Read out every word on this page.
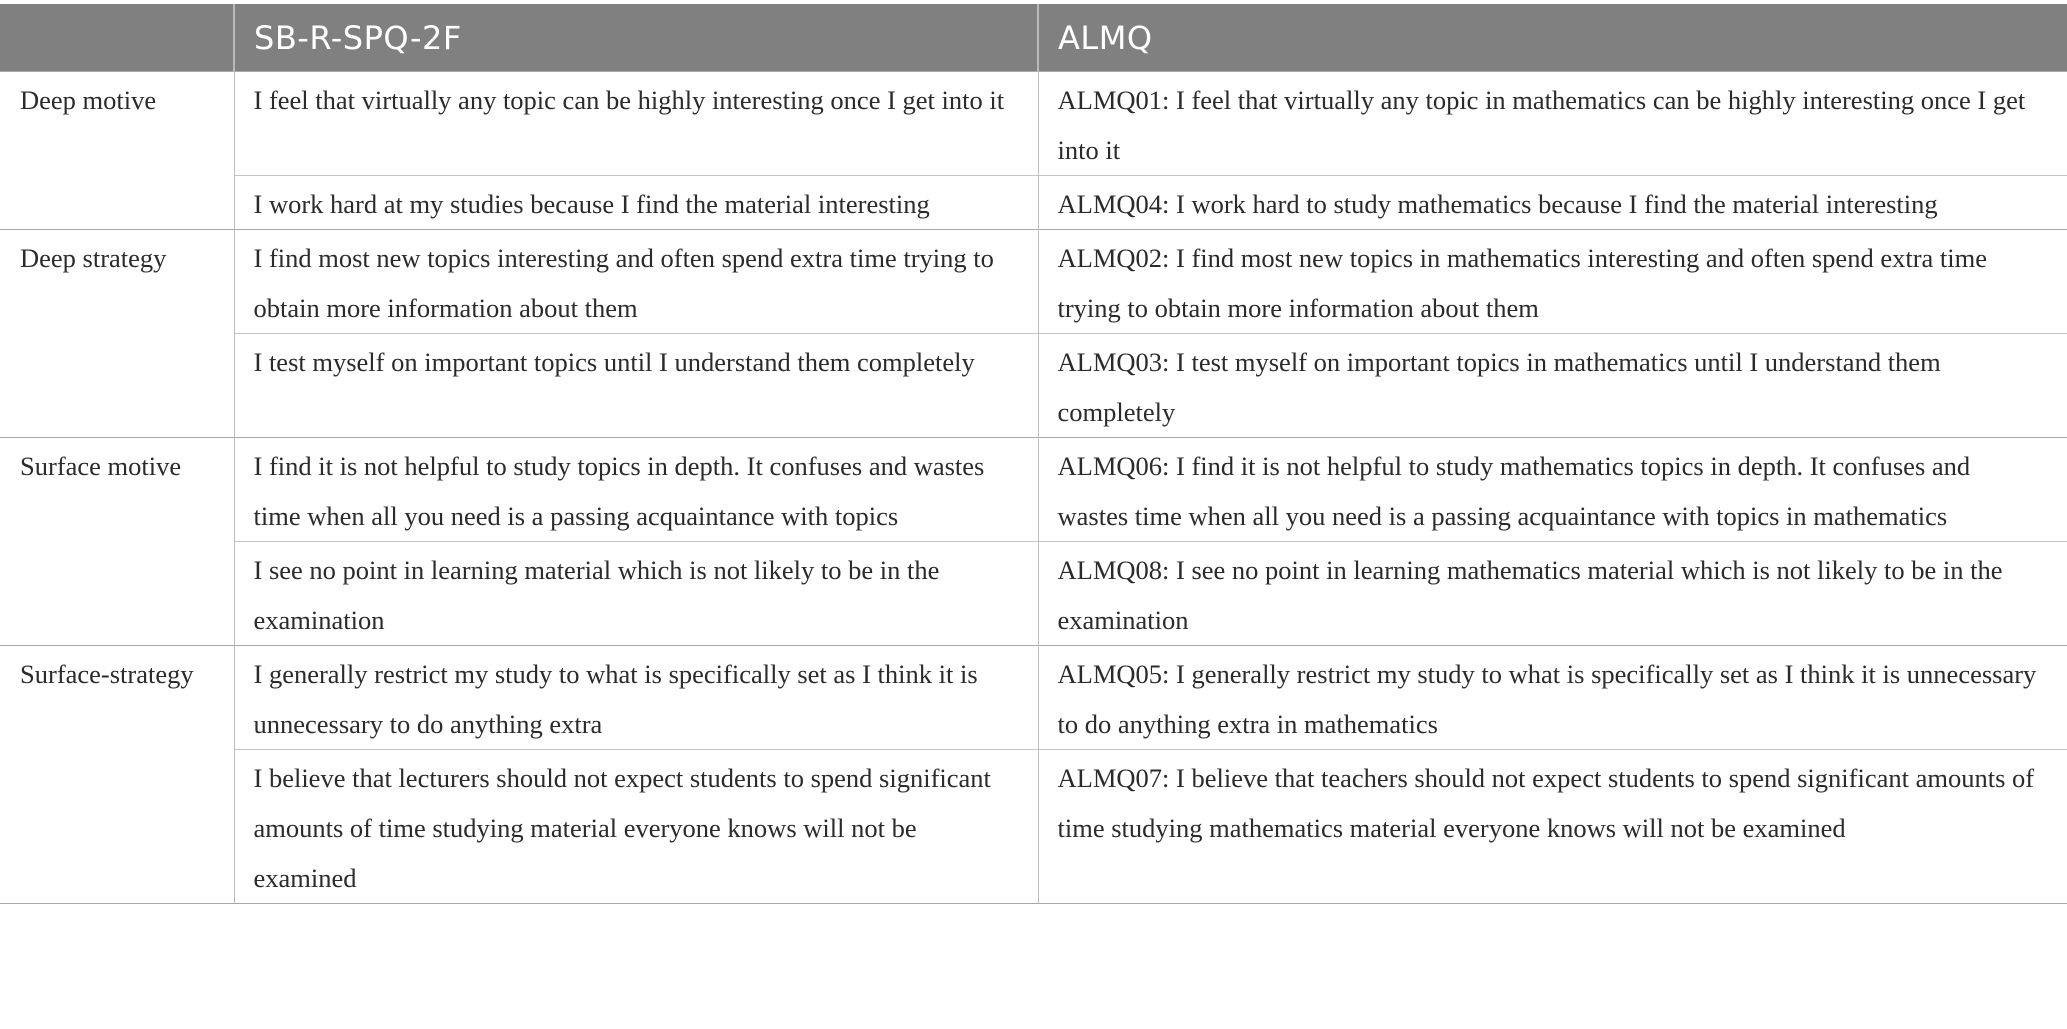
	SB-R-SPQ-2F	ALMQ
Deep motive	I feel that virtually any topic can be highly interesting once I get into it	ALMQ01: I feel that virtually any topic in mathematics can be highly interesting once I get into it
	I work hard at my studies because I find the material interesting	ALMQ04: I work hard to study mathematics because I find the material interesting
Deep strategy	I find most new topics interesting and often spend extra time trying to obtain more information about them	ALMQ02: I find most new topics in mathematics interesting and often spend extra time trying to obtain more information about them
	I test myself on important topics until I understand them completely	ALMQ03: I test myself on important topics in mathematics until I understand them completely
Surface motive	I find it is not helpful to study topics in depth. It confuses and wastes time when all you need is a passing acquaintance with topics	ALMQ06: I find it is not helpful to study mathematics topics in depth. It confuses and wastes time when all you need is a passing acquaintance with topics in mathematics
	I see no point in learning material which is not likely to be in the examination	ALMQ08: I see no point in learning mathematics material which is not likely to be in the examination
Surface-strategy	I generally restrict my study to what is specifically set as I think it is unnecessary to do anything extra	ALMQ05: I generally restrict my study to what is specifically set as I think it is unnecessary to do anything extra in mathematics
	I believe that lecturers should not expect students to spend significant amounts of time studying material everyone knows will not be examined	ALMQ07: I believe that teachers should not expect students to spend significant amounts of time studying mathematics material everyone knows will not be examined
